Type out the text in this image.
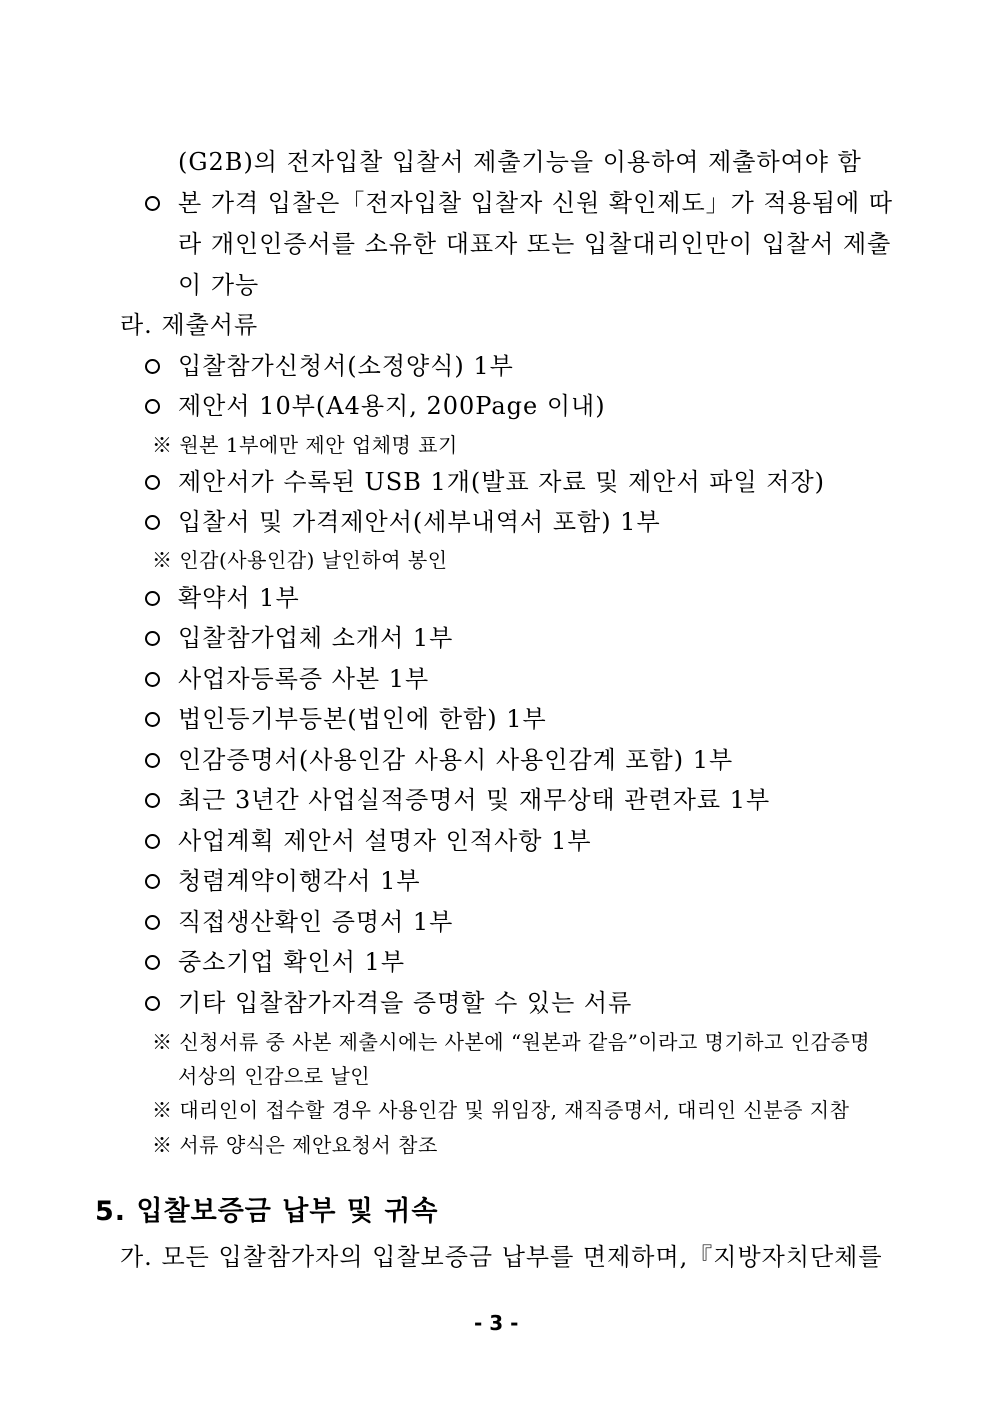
(G2B)의 전자입찰 입찰서 제출기능을 이용하여 제출하여야 함
본 가격 입찰은「전자입찰 입찰자 신원 확인제도」가 적용됨에 따
라 개인인증서를 소유한 대표자 또는 입찰대리인만이 입찰서 제출
이 가능
라. 제출서류
입찰참가신청서(소정양식) 1부
제안서 10부(A4용지, 200Page 이내)
※ 원본 1부에만 제안 업체명 표기
제안서가 수록된 USB 1개(발표 자료 및 제안서 파일 저장)
입찰서 및 가격제안서(세부내역서 포함) 1부
※ 인감(사용인감) 날인하여 봉인
확약서 1부
입찰참가업체 소개서 1부
사업자등록증 사본 1부
법인등기부등본(법인에 한함) 1부
인감증명서(사용인감 사용시 사용인감계 포함) 1부
최근 3년간 사업실적증명서 및 재무상태 관련자료 1부
사업계획 제안서 설명자 인적사항 1부
청렴계약이행각서 1부
직접생산확인 증명서 1부
중소기업 확인서 1부
기타 입찰참가자격을 증명할 수 있는 서류
※ 신청서류 중 사본 제출시에는 사본에 “원본과 같음”이라고 명기하고 인감증명
서상의 인감으로 날인
※ 대리인이 접수할 경우 사용인감 및 위임장, 재직증명서, 대리인 신분증 지참
※ 서류 양식은 제안요청서 참조
5. 입찰보증금 납부 및 귀속
가. 모든 입찰참가자의 입찰보증금 납부를 면제하며,『지방자치단체를
- 3 -
